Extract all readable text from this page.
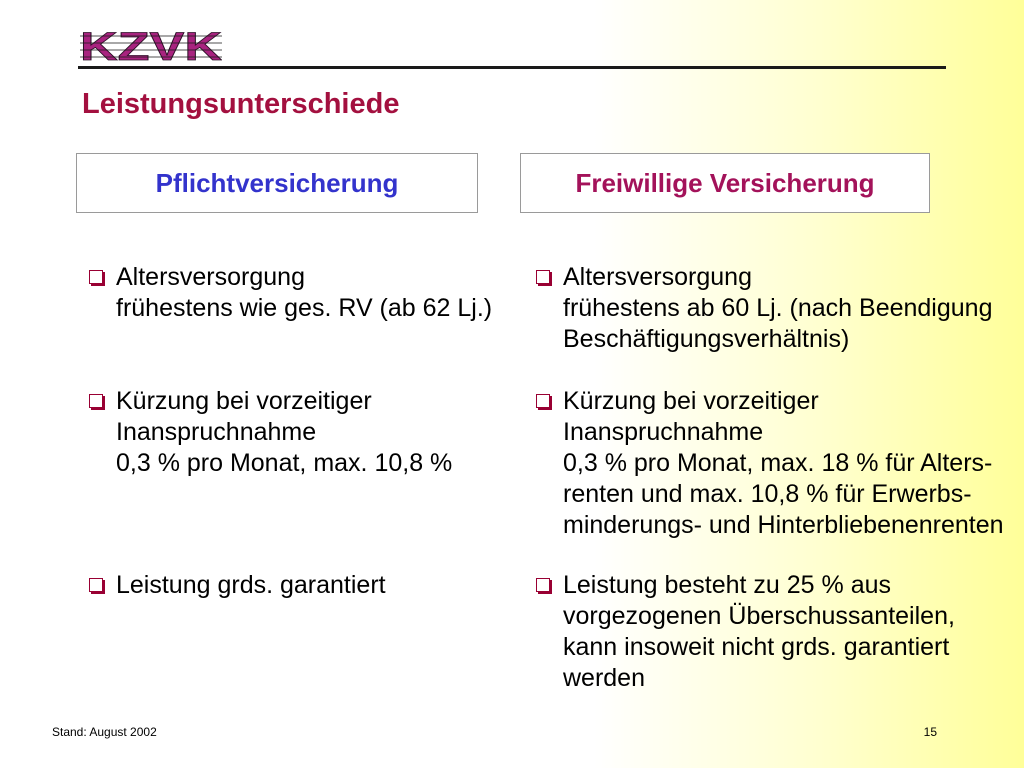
KZVK
Leistungsunterschiede
Pflichtversicherung	Freiwillige Versicherung
Altersversorgung
frühestens wie ges. RV (ab 62 Lj.)
Kürzung bei vorzeitiger
Inanspruchnahme
0,3 % pro Monat, max. 10,8 %
Leistung grds. garantiert
Altersversorgung
frühestens ab 60 Lj. (nach Beendigung
Beschäftigungsverhältnis)
Kürzung bei vorzeitiger
Inanspruchnahme
0,3 % pro Monat, max. 18 % für Alters-
renten und max. 10,8 % für Erwerbs-
minderungs- und Hinterbliebenenrenten
Leistung besteht zu 25 % aus
vorgezogenen Überschussanteilen,
kann insoweit nicht grds. garantiert
werden
Stand: August 2002	15
